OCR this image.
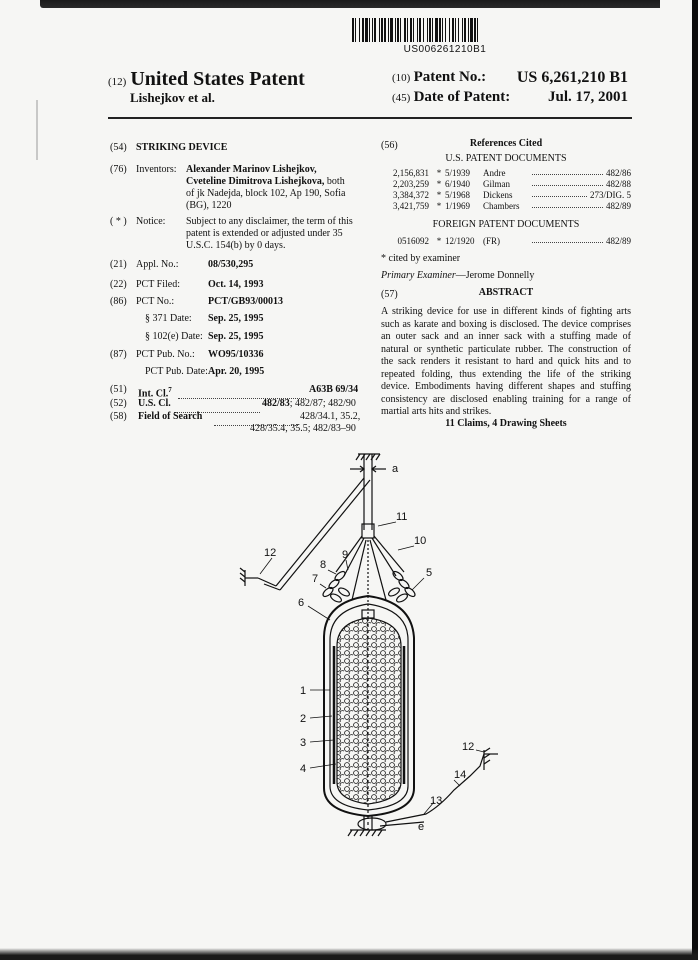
US006261210B1
(12) United States Patent
Lishejkov et al.
(10) Patent No.: US 6,261,210 B1
(45) Date of Patent:	Jul. 17, 2001
(54) STRIKING DEVICE
(76) Inventors: Alexander Marinov Lishejkov,
Cveteline Dimitrova Lishejkova, both
of jk Nadejda, block 102, Ap 190, Sofia
(BG), 1220
( * ) Notice: Subject to any disclaimer, the term of this
patent is extended or adjusted under 35
U.S.C. 154(b) by 0 days.
(21) Appl. No.:	08/530,295
(22) PCT Filed:	Oct. 14, 1993
(86) PCT No.:	PCT/GB93/00013
§ 371 Date: Sep. 25, 1995
§ 102(e) Date: Sep. 25, 1995
(87) PCT Pub. No.: WO95/10336
PCT Pub. Date: Apr. 20, 1995
(51) Int. Cl.$^7$	A63B 69/34
(52) U.S. Cl.	482/83; 482/87; 482/90
(58) Field of Search	428/34.1, 35.2,
428/35.4, 35.5; 482/83–90
(56)	References Cited
U.S. PATENT DOCUMENTS
2,156,831 * 5/1939	Andre	482/86
2,203,259 * 6/1940	Gilman	482/88
3,384,372 * 5/1968	Dickens	273/DIG. 5
3,421,759 * 1/1969	Chambers	482/89
FOREIGN PATENT DOCUMENTS
0516092 * 12/1920 (FR)	482/89
* cited by examiner
Primary Examiner—Jerome Donnelly
(57)	ABSTRACT
A striking device for use in different kinds of fighting arts
such as karate and boxing is disclosed. The device comprises
an outer sack and an inner sack with a stuffing made of
natural or synthetic particulate rubber. The construction of
the sack renders it resistant to hard and quick hits and to
repeated folding, thus extending the life of the striking
device. Embodiments having different shapes and stuffing
consistency are disclosed enabling training for a range of
martial arts hits and strikes.
11 Claims, 4 Drawing Sheets
a
11
10
5
9
8
7
6
1
2
3
4
12
12
14
13
e
